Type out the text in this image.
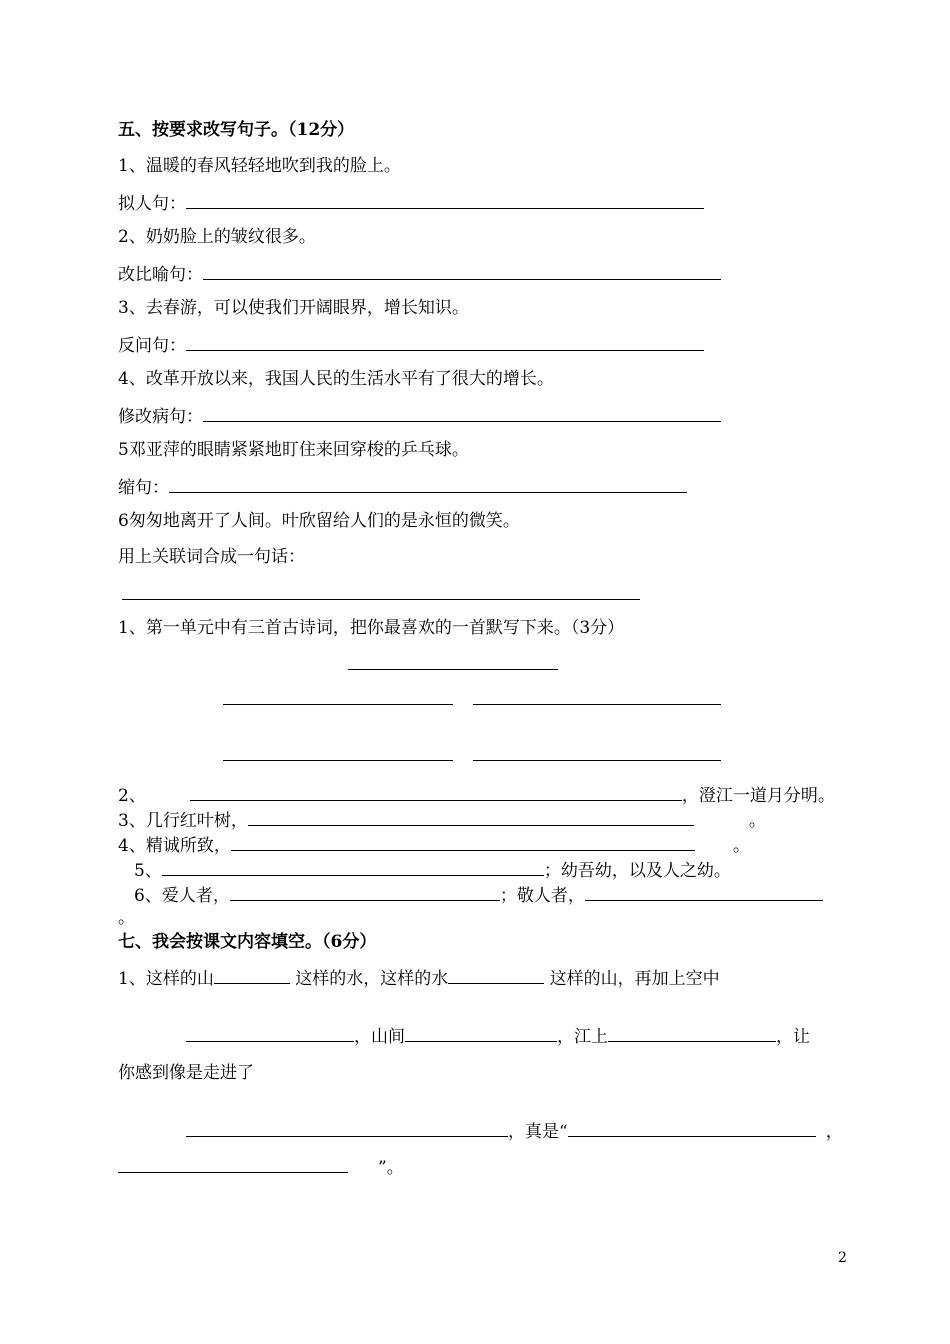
五、按要求改写句子。（12分）
1、温暖的春风轻轻地吹到我的脸上。
拟人句：
2、奶奶脸上的皱纹很多。
改比喻句：
3、去春游，可以使我们开阔眼界，增长知识。
反问句：
4、改革开放以来，我国人民的生活水平有了很大的增长。
修改病句：
5邓亚萍的眼睛紧紧地盯住来回穿梭的乒乓球。
缩句：
6匆匆地离开了人间。叶欣留给人们的是永恒的微笑。
用上关联词合成一句话：
1、第一单元中有三首古诗词，把你最喜欢的一首默写下来。（3分）
2、	，澄江一道月分明。
3、几行红叶树，	。
4、精诚所致，	。
5、	；幼吾幼，以及人之幼。
6、爱人者，	；敬人者，
。
七、我会按课文内容填空。（6分）
1、这样的山	这样的水，这样的水	这样的山，再加上空中
，山间	，江上	，让
你感到像是走进了
，真是“	，
”。
2
